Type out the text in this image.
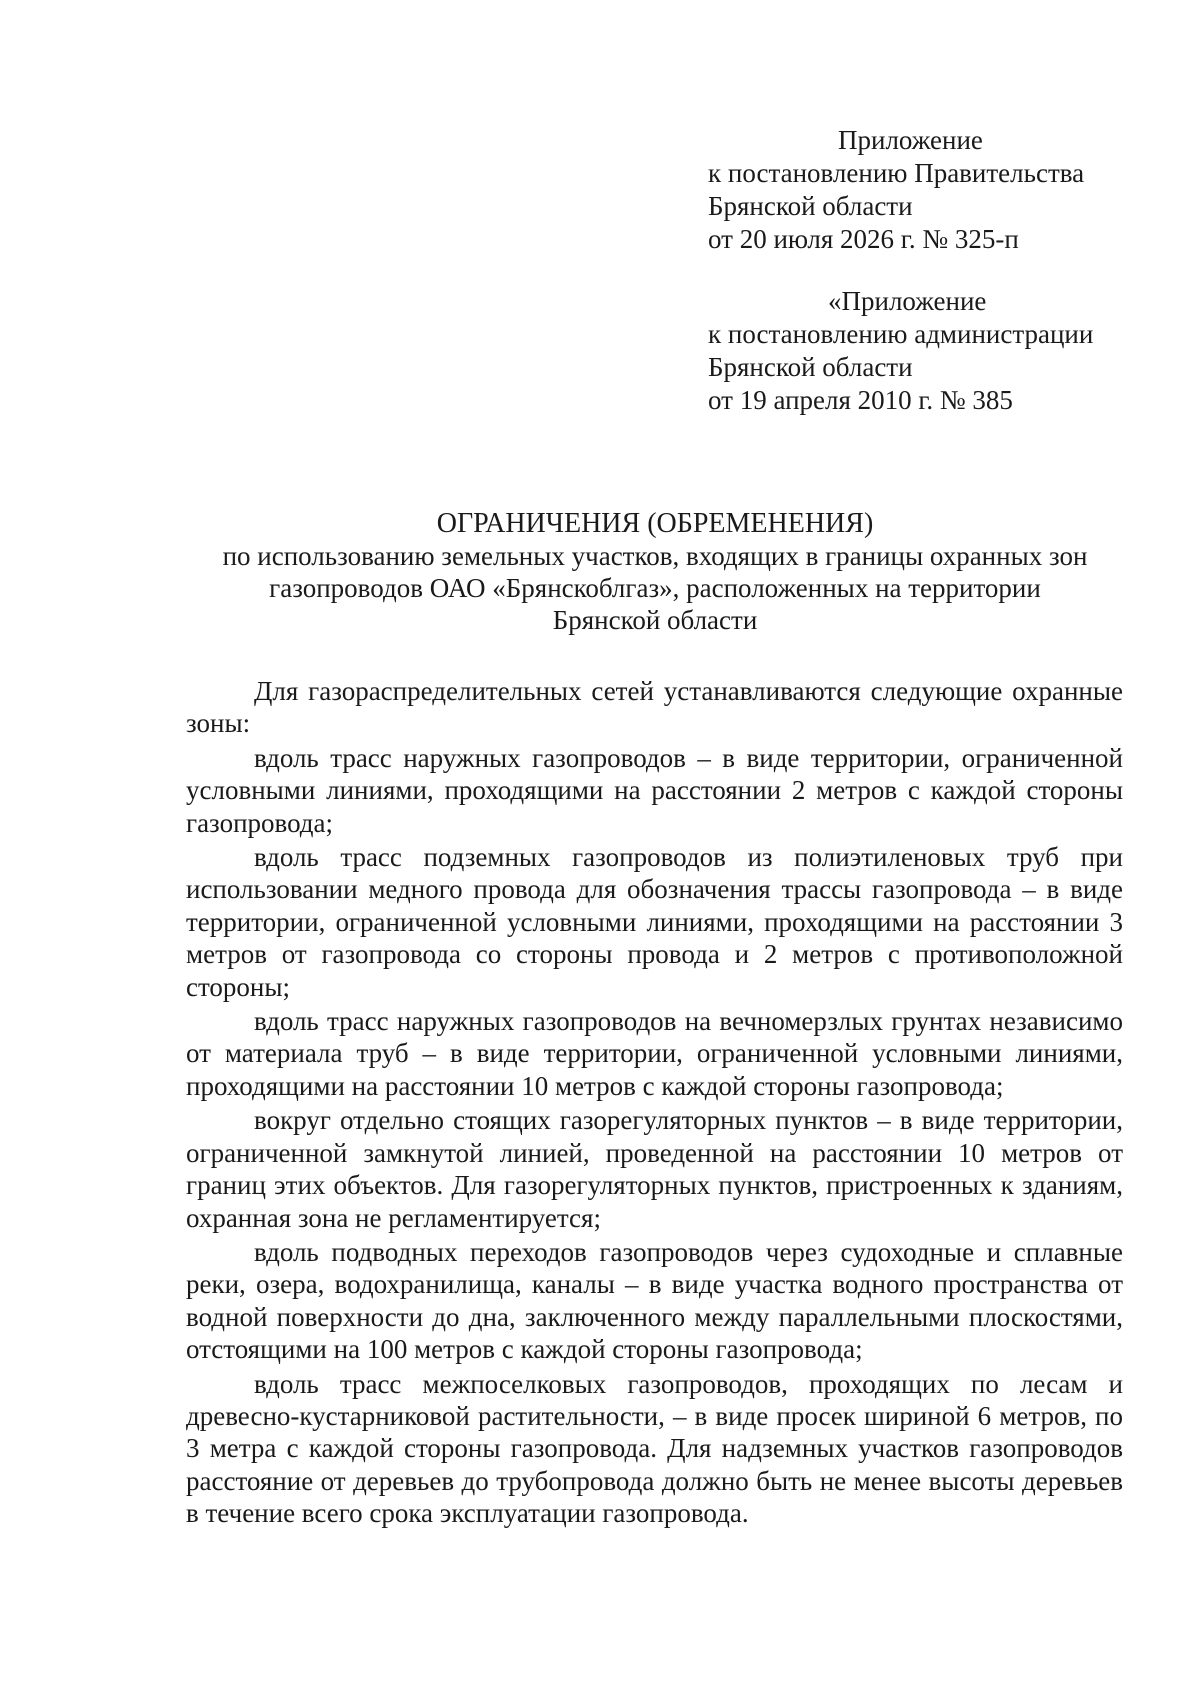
Приложение
к постановлению Правительства
Брянской области
от 20 июля 2026 г. № 325-п
«Приложение
к постановлению администрации
Брянской области
от 19 апреля 2010 г. № 385
ОГРАНИЧЕНИЯ (ОБРЕМЕНЕНИЯ)
по использованию земельных участков, входящих в границы охранных зон
газопроводов ОАО «Брянскоблгаз», расположенных на территории
Брянской области

Для газораспределительных сетей устанавливаются следующие охранные зоны:

вдоль трасс наружных газопроводов – в виде территории, ограниченной условными линиями, проходящими на расстоянии 2 метров с каждой стороны газопровода;

вдоль трасс подземных газопроводов из полиэтиленовых труб при использовании медного провода для обозначения трассы газопровода – в виде территории, ограниченной условными линиями, проходящими на расстоянии 3 метров от газопровода со стороны провода и 2 метров с противоположной стороны;

вдоль трасс наружных газопроводов на вечномерзлых грунтах независимо от материала труб – в виде территории, ограниченной условными линиями, проходящими на расстоянии 10 метров с каждой стороны газопровода;

вокруг отдельно стоящих газорегуляторных пунктов – в виде территории, ограниченной замкнутой линией, проведенной на расстоянии 10 метров от границ этих объектов. Для газорегуляторных пунктов, пристроенных к зданиям, охранная зона не регламентируется;

вдоль подводных переходов газопроводов через судоходные и сплавные реки, озера, водохранилища, каналы – в виде участка водного пространства от водной поверхности до дна, заключенного между параллельными плоскостями, отстоящими на 100 метров с каждой стороны газопровода;

вдоль трасс межпоселковых газопроводов, проходящих по лесам и древесно-кустарниковой растительности, – в виде просек шириной 6 метров, по 3 метра с каждой стороны газопровода. Для надземных участков газопроводов расстояние от деревьев до трубопровода должно быть не менее высоты деревьев в течение всего срока эксплуатации газопровода.
